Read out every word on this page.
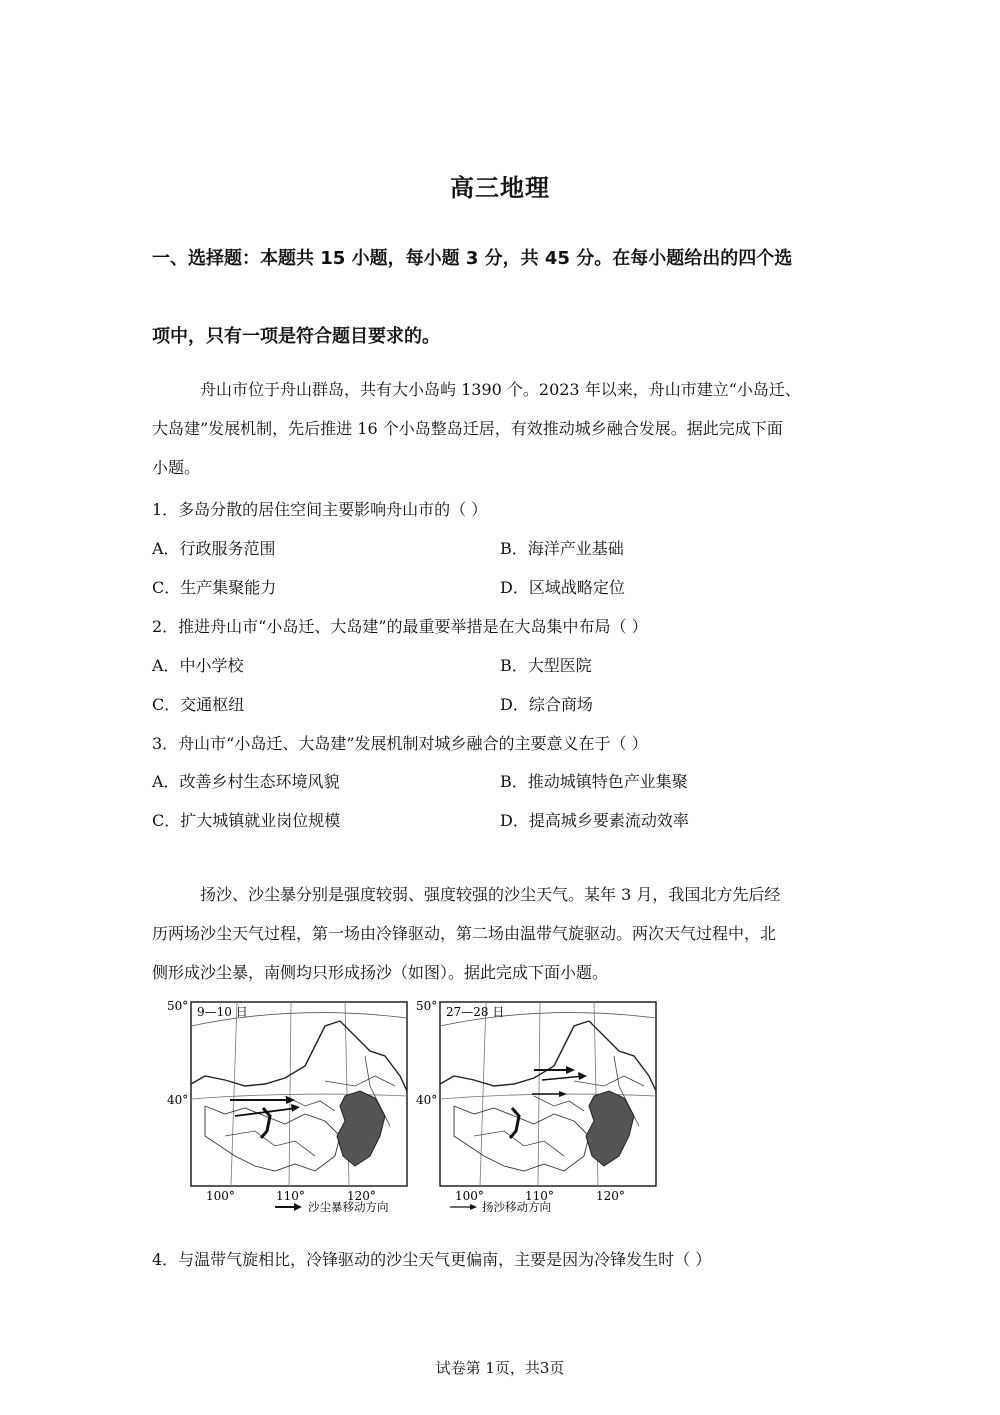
高三地理
一、选择题：本题共 15 小题，每小题 3 分，共 45 分。在每小题给出的四个选
项中，只有一项是符合题目要求的。
舟山市位于舟山群岛，共有大小岛屿 1390 个。2023 年以来，舟山市建立“小岛迁、
大岛建”发展机制，先后推进 16 个小岛整岛迁居，有效推动城乡融合发展。据此完成下面
小题。
1．多岛分散的居住空间主要影响舟山市的（ ）
A．行政服务范围	B．海洋产业基础
C．生产集聚能力	D．区域战略定位
2．推进舟山市“小岛迁、大岛建”的最重要举措是在大岛集中布局（ ）
A．中小学校	B．大型医院
C．交通枢纽	D．综合商场
3．舟山市“小岛迁、大岛建”发展机制对城乡融合的主要意义在于（ ）
A．改善乡村生态环境风貌	B．推动城镇特色产业集聚
C．扩大城镇就业岗位规模	D．提高城乡要素流动效率
扬沙、沙尘暴分别是强度较弱、强度较强的沙尘天气。某年 3 月，我国北方先后经
历两场沙尘天气过程，第一场由冷锋驱动，第二场由温带气旋驱动。两次天气过程中，北
侧形成沙尘暴，南侧均只形成扬沙（如图）。据此完成下面小题。
50°
40°
9—10 日
100°	110°	120°
沙尘暴移动方向
50°
40°
27—28 日
100°	110°	120°
扬沙移动方向
4．与温带气旋相比，冷锋驱动的沙尘天气更偏南，主要是因为冷锋发生时（ ）
试卷第 1页，共3页
